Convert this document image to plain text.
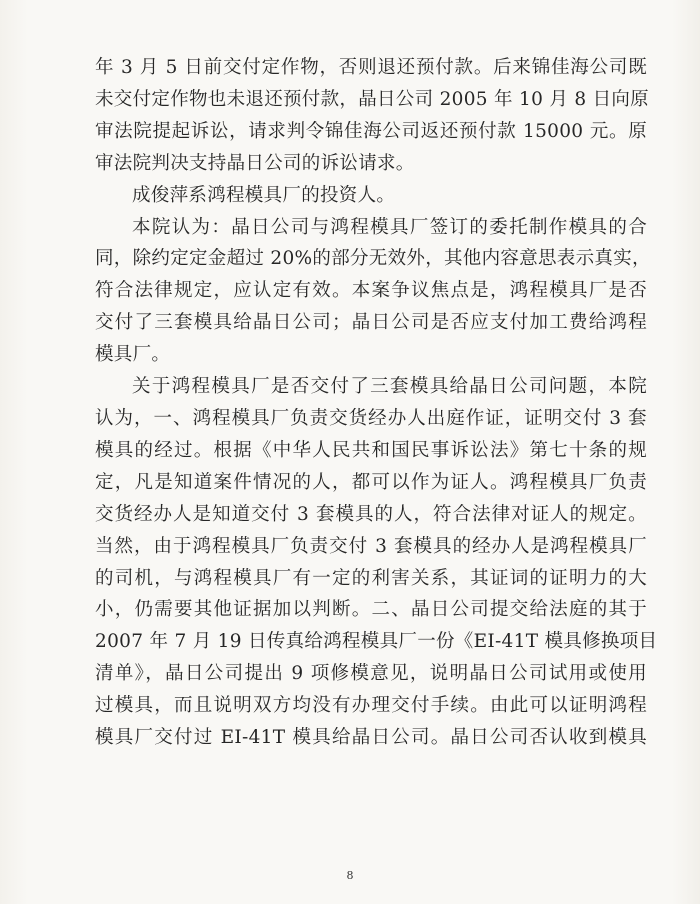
年 3 月 5 日前交付定作物，否则退还预付款。后来锦佳海公司既
未交付定作物也未退还预付款，晶日公司 2005 年 10 月 8 日向原
审法院提起诉讼，请求判令锦佳海公司返还预付款 15000 元。原
审法院判决支持晶日公司的诉讼请求。

成俊萍系鸿程模具厂的投资人。

本院认为：晶日公司与鸿程模具厂签订的委托制作模具的合
同，除约定定金超过 20%的部分无效外，其他内容意思表示真实，
符合法律规定，应认定有效。本案争议焦点是，鸿程模具厂是否
交付了三套模具给晶日公司；晶日公司是否应支付加工费给鸿程
模具厂。

关于鸿程模具厂是否交付了三套模具给晶日公司问题，本院
认为，一、鸿程模具厂负责交货经办人出庭作证，证明交付 3 套
模具的经过。根据《中华人民共和国民事诉讼法》第七十条的规
定，凡是知道案件情况的人，都可以作为证人。鸿程模具厂负责
交货经办人是知道交付 3 套模具的人，符合法律对证人的规定。
当然，由于鸿程模具厂负责交付 3 套模具的经办人是鸿程模具厂
的司机，与鸿程模具厂有一定的利害关系，其证词的证明力的大
小，仍需要其他证据加以判断。二、晶日公司提交给法庭的其于
2007 年 7 月 19 日传真给鸿程模具厂一份《EI-41T 模具修换项目
清单》，晶日公司提出 9 项修模意见，说明晶日公司试用或使用
过模具，而且说明双方均没有办理交付手续。由此可以证明鸿程
模具厂交付过 EI-41T 模具给晶日公司。晶日公司否认收到模具

8
